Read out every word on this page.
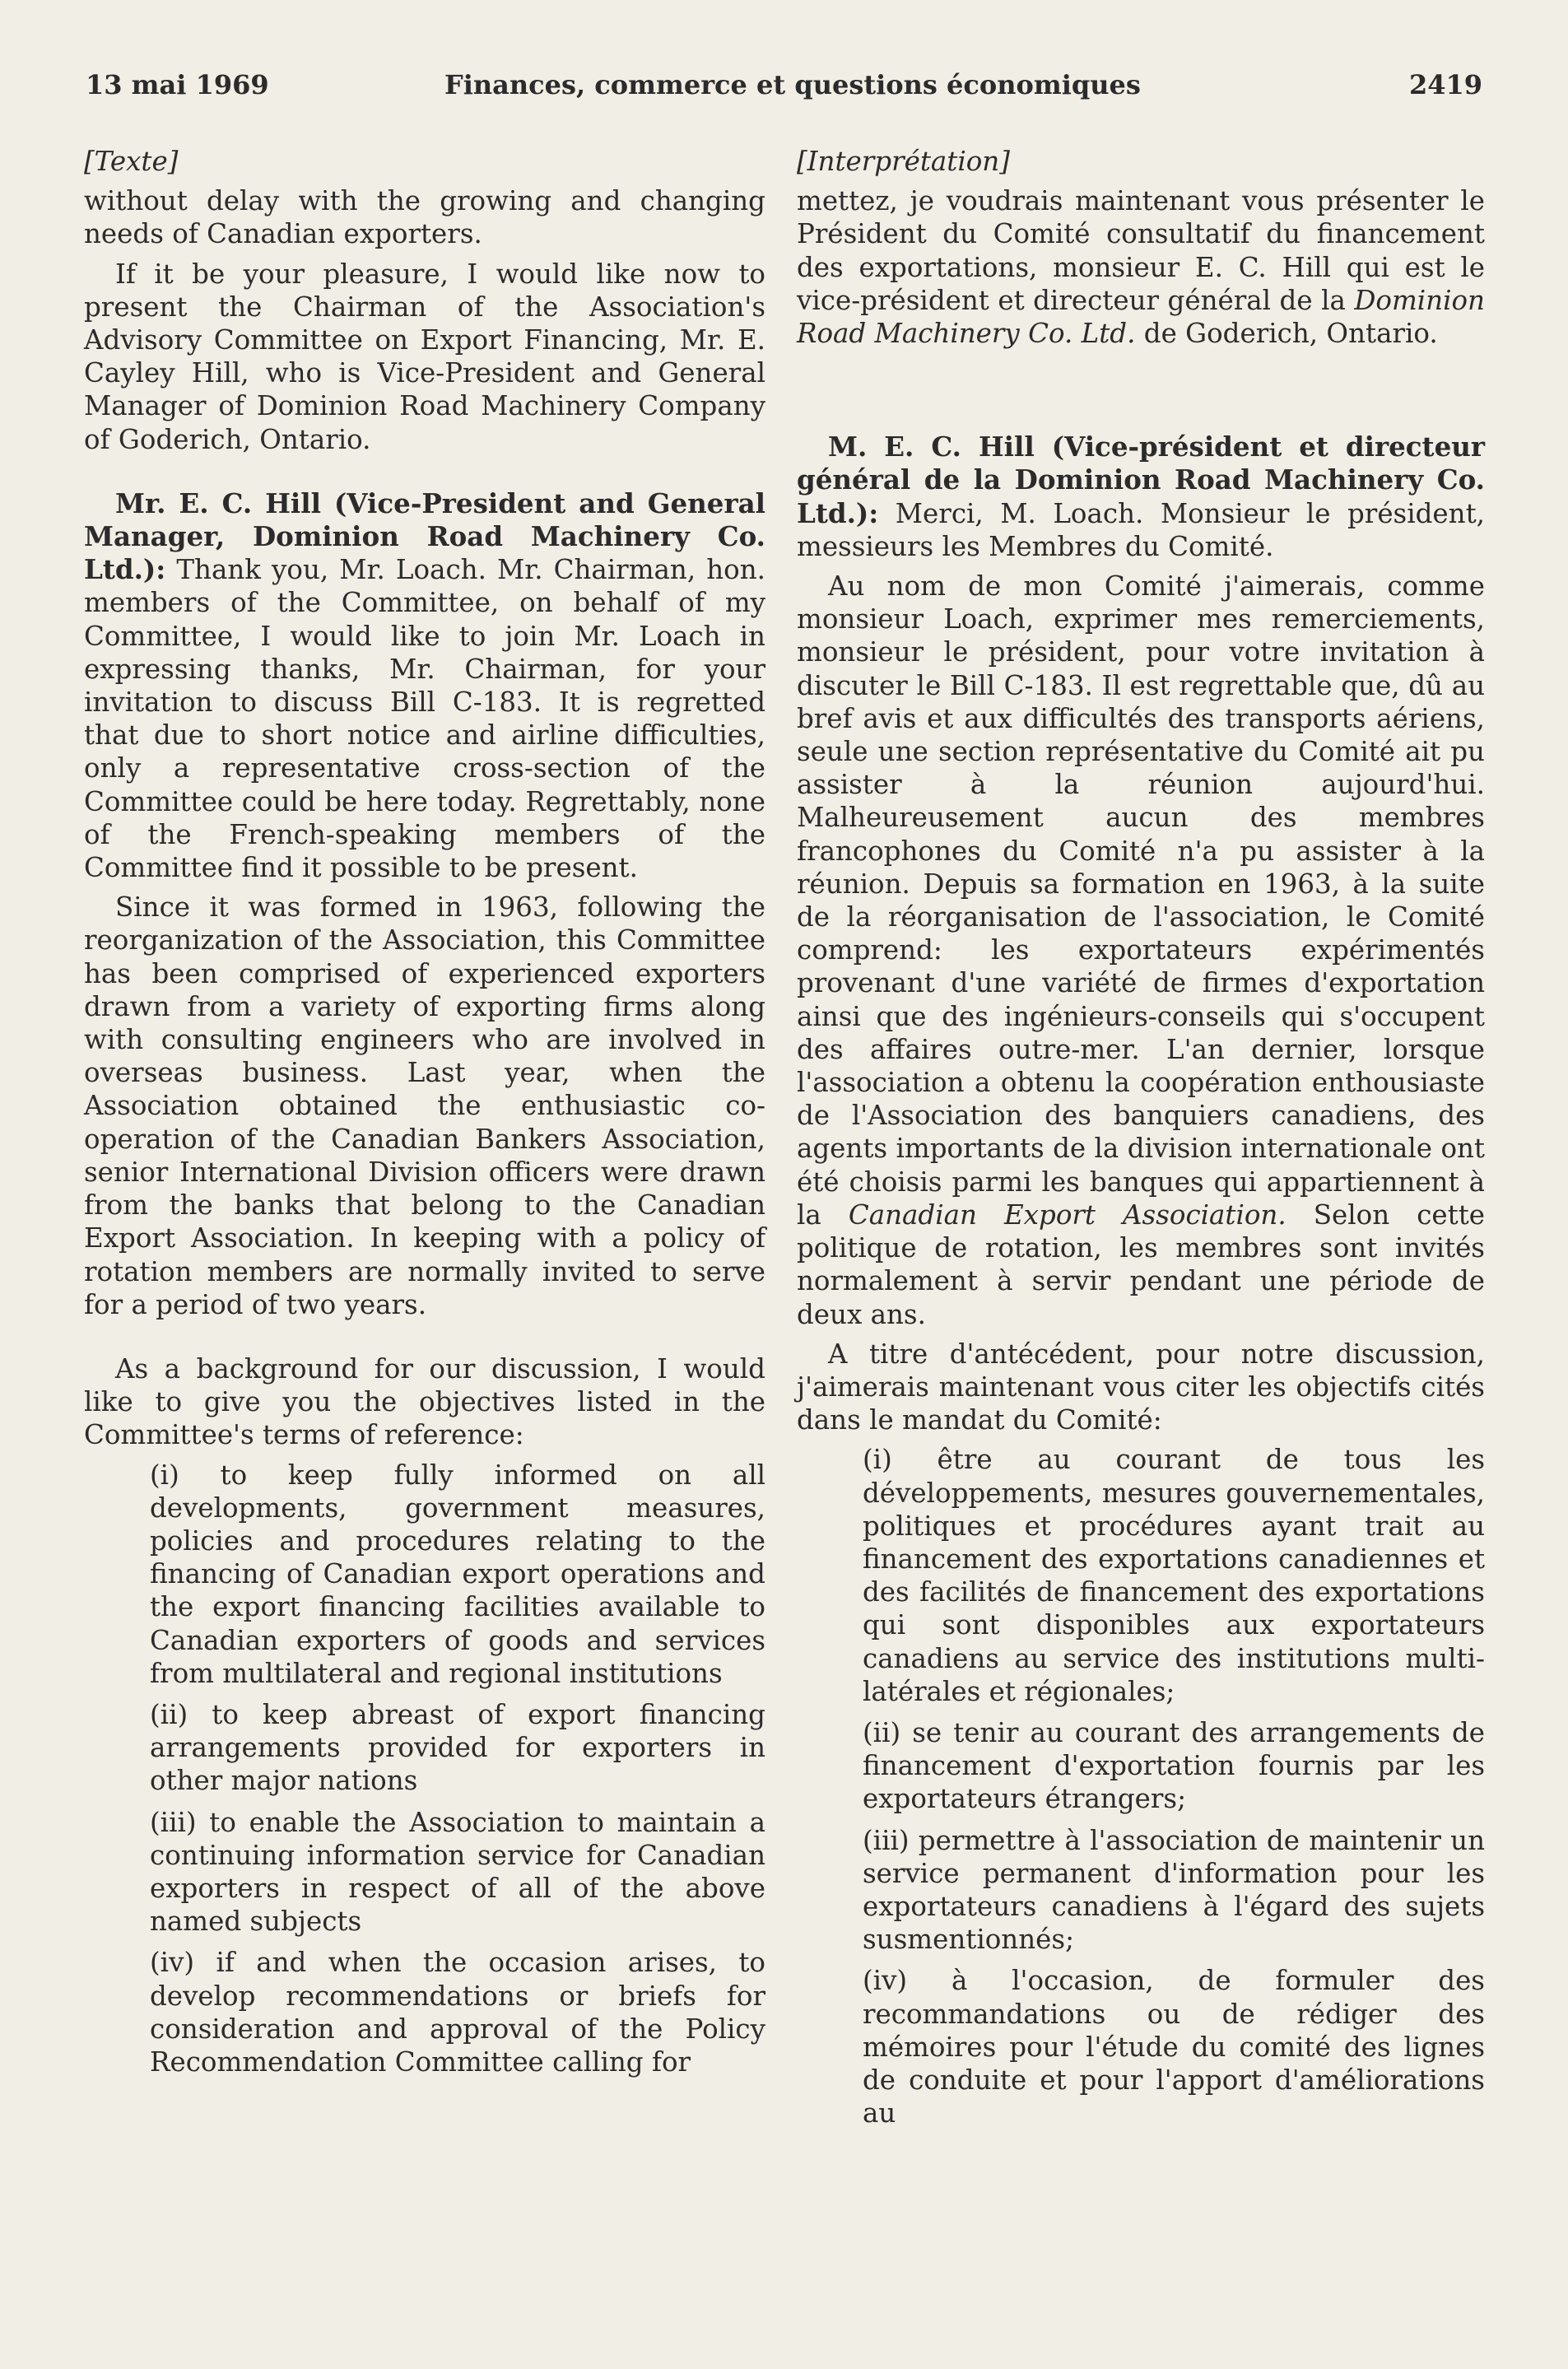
13 mai 1969	Finances, commerce et questions économiques	2419

[Texte]

without delay with the growing and changing needs of Canadian exporters.

If it be your pleasure, I would like now to present the Chairman of the Association's Advisory Committee on Export Financing, Mr. E. Cayley Hill, who is Vice-President and General Manager of Dominion Road Machinery Company of Goderich, Ontario.

Mr. E. C. Hill (Vice-President and General Manager, Dominion Road Machinery Co. Ltd.): Thank you, Mr. Loach. Mr. Chairman, hon. members of the Committee, on behalf of my Committee, I would like to join Mr. Loach in expressing thanks, Mr. Chairman, for your invitation to discuss Bill C-183. It is regretted that due to short notice and airline difficulties, only a representative cross-section of the Committee could be here today. Regrettably, none of the French-speaking members of the Committee find it possible to be present.

Since it was formed in 1963, following the reorganization of the Association, this Committee has been comprised of experienced exporters drawn from a variety of exporting firms along with consulting engineers who are involved in overseas business. Last year, when the Association obtained the enthusiastic co-operation of the Canadian Bankers Association, senior International Division officers were drawn from the banks that belong to the Canadian Export Association. In keeping with a policy of rotation members are normally invited to serve for a period of two years.

As a background for our discussion, I would like to give you the objectives listed in the Committee's terms of reference:

(i) to keep fully informed on all developments, government measures, policies and procedures relating to the financing of Canadian export operations and the export financing facilities available to Canadian exporters of goods and services from multilateral and regional institutions

(ii) to keep abreast of export financing arrangements provided for exporters in other major nations

(iii) to enable the Association to maintain a continuing information service for Canadian exporters in respect of all of the above named subjects

(iv) if and when the occasion arises, to develop recommendations or briefs for consideration and approval of the Policy Recommendation Committee calling for

[Interprétation]

mettez, je voudrais maintenant vous présenter le Président du Comité consultatif du financement des exportations, monsieur E. C. Hill qui est le vice-président et directeur général de la Dominion Road Machinery Co. Ltd. de Goderich, Ontario.

M. E. C. Hill (Vice-président et directeur général de la Dominion Road Machinery Co. Ltd.): Merci, M. Loach. Monsieur le président, messieurs les Membres du Comité.

Au nom de mon Comité j'aimerais, comme monsieur Loach, exprimer mes remerciements, monsieur le président, pour votre invitation à discuter le Bill C-183. Il est regrettable que, dû au bref avis et aux difficultés des transports aériens, seule une section représentative du Comité ait pu assister à la réunion aujourd'hui. Malheureusement aucun des membres francophones du Comité n'a pu assister à la réunion. Depuis sa formation en 1963, à la suite de la réorganisation de l'association, le Comité comprend: les exportateurs expérimentés provenant d'une variété de firmes d'exportation ainsi que des ingénieurs-conseils qui s'occupent des affaires outre-mer. L'an dernier, lorsque l'association a obtenu la coopération enthousiaste de l'Association des banquiers canadiens, des agents importants de la division internationale ont été choisis parmi les banques qui appartiennent à la Canadian Export Association. Selon cette politique de rotation, les membres sont invités normalement à servir pendant une période de deux ans.

A titre d'antécédent, pour notre discussion, j'aimerais maintenant vous citer les objectifs cités dans le mandat du Comité:

(i) être au courant de tous les développements, mesures gouvernementales, politiques et procédures ayant trait au financement des exportations canadiennes et des facilités de financement des exportations qui sont disponibles aux exportateurs canadiens au service des institutions multi-latérales et régionales;

(ii) se tenir au courant des arrangements de financement d'exportation fournis par les exportateurs étrangers;

(iii) permettre à l'association de maintenir un service permanent d'information pour les exportateurs canadiens à l'égard des sujets susmentionnés;

(iv) à l'occasion, de formuler des recommandations ou de rédiger des mémoires pour l'étude du comité des lignes de conduite et pour l'apport d'améliorations au
